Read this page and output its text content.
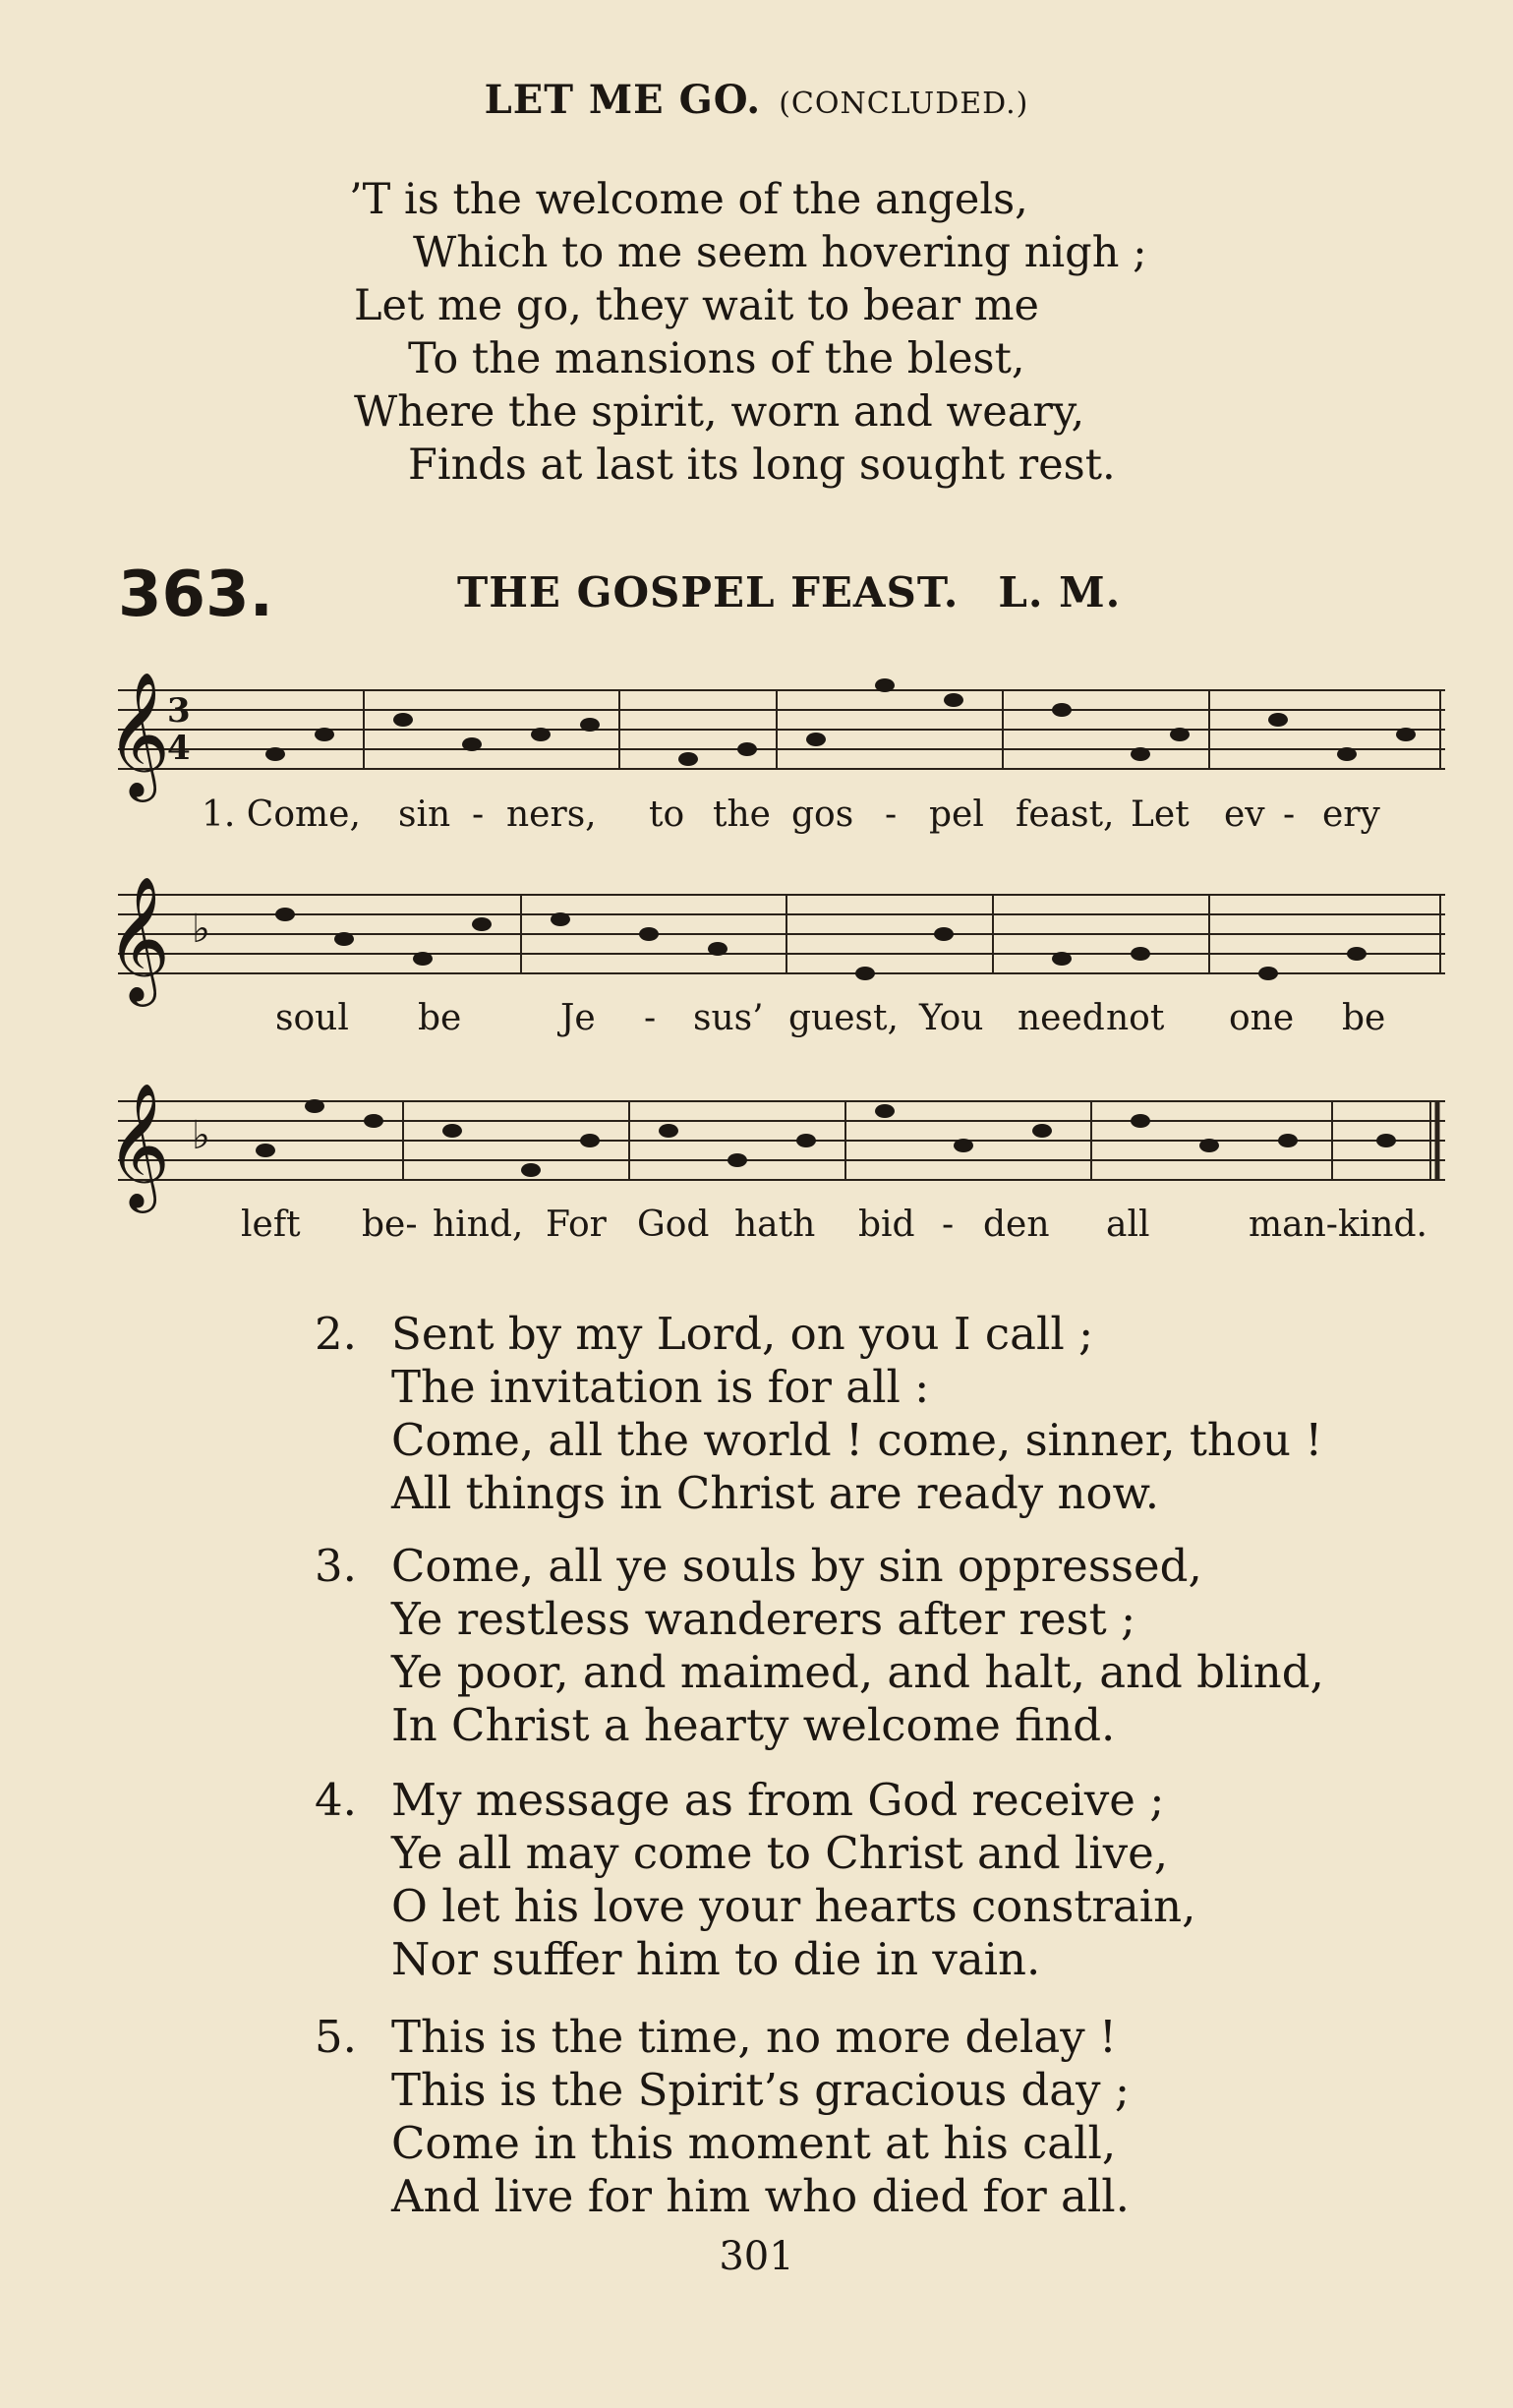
LET ME GO. (CONCLUDED.)
’T is the welcome of the angels,
Which to me seem hovering nigh ;
Let me go, they wait to bear me
To the mansions of the blest,
Where the spirit, worn and weary,
Finds at last its long sought rest.
363.	THE GOSPEL FEAST. L. M.
𝄞
3
4
1. Come, sin - ners, to the gos - pel feast, Let ev - ery
𝄞 ♭
soul be	Je - sus’ guest, You need not one be
𝄞 ♭
left be- hind, For God hath bid - den all	man-kind.
2. Sent by my Lord, on you I call ;
The invitation is for all :
Come, all the world ! come, sinner, thou !
All things in Christ are ready now.
3. Come, all ye souls by sin oppressed,
Ye restless wanderers after rest ;
Ye poor, and maimed, and halt, and blind,
In Christ a hearty welcome find.
4. My message as from God receive ;
Ye all may come to Christ and live,
O let his love your hearts constrain,
Nor suffer him to die in vain.
5. This is the time, no more delay !
This is the Spirit’s gracious day ;
Come in this moment at his call,
And live for him who died for all.
301
